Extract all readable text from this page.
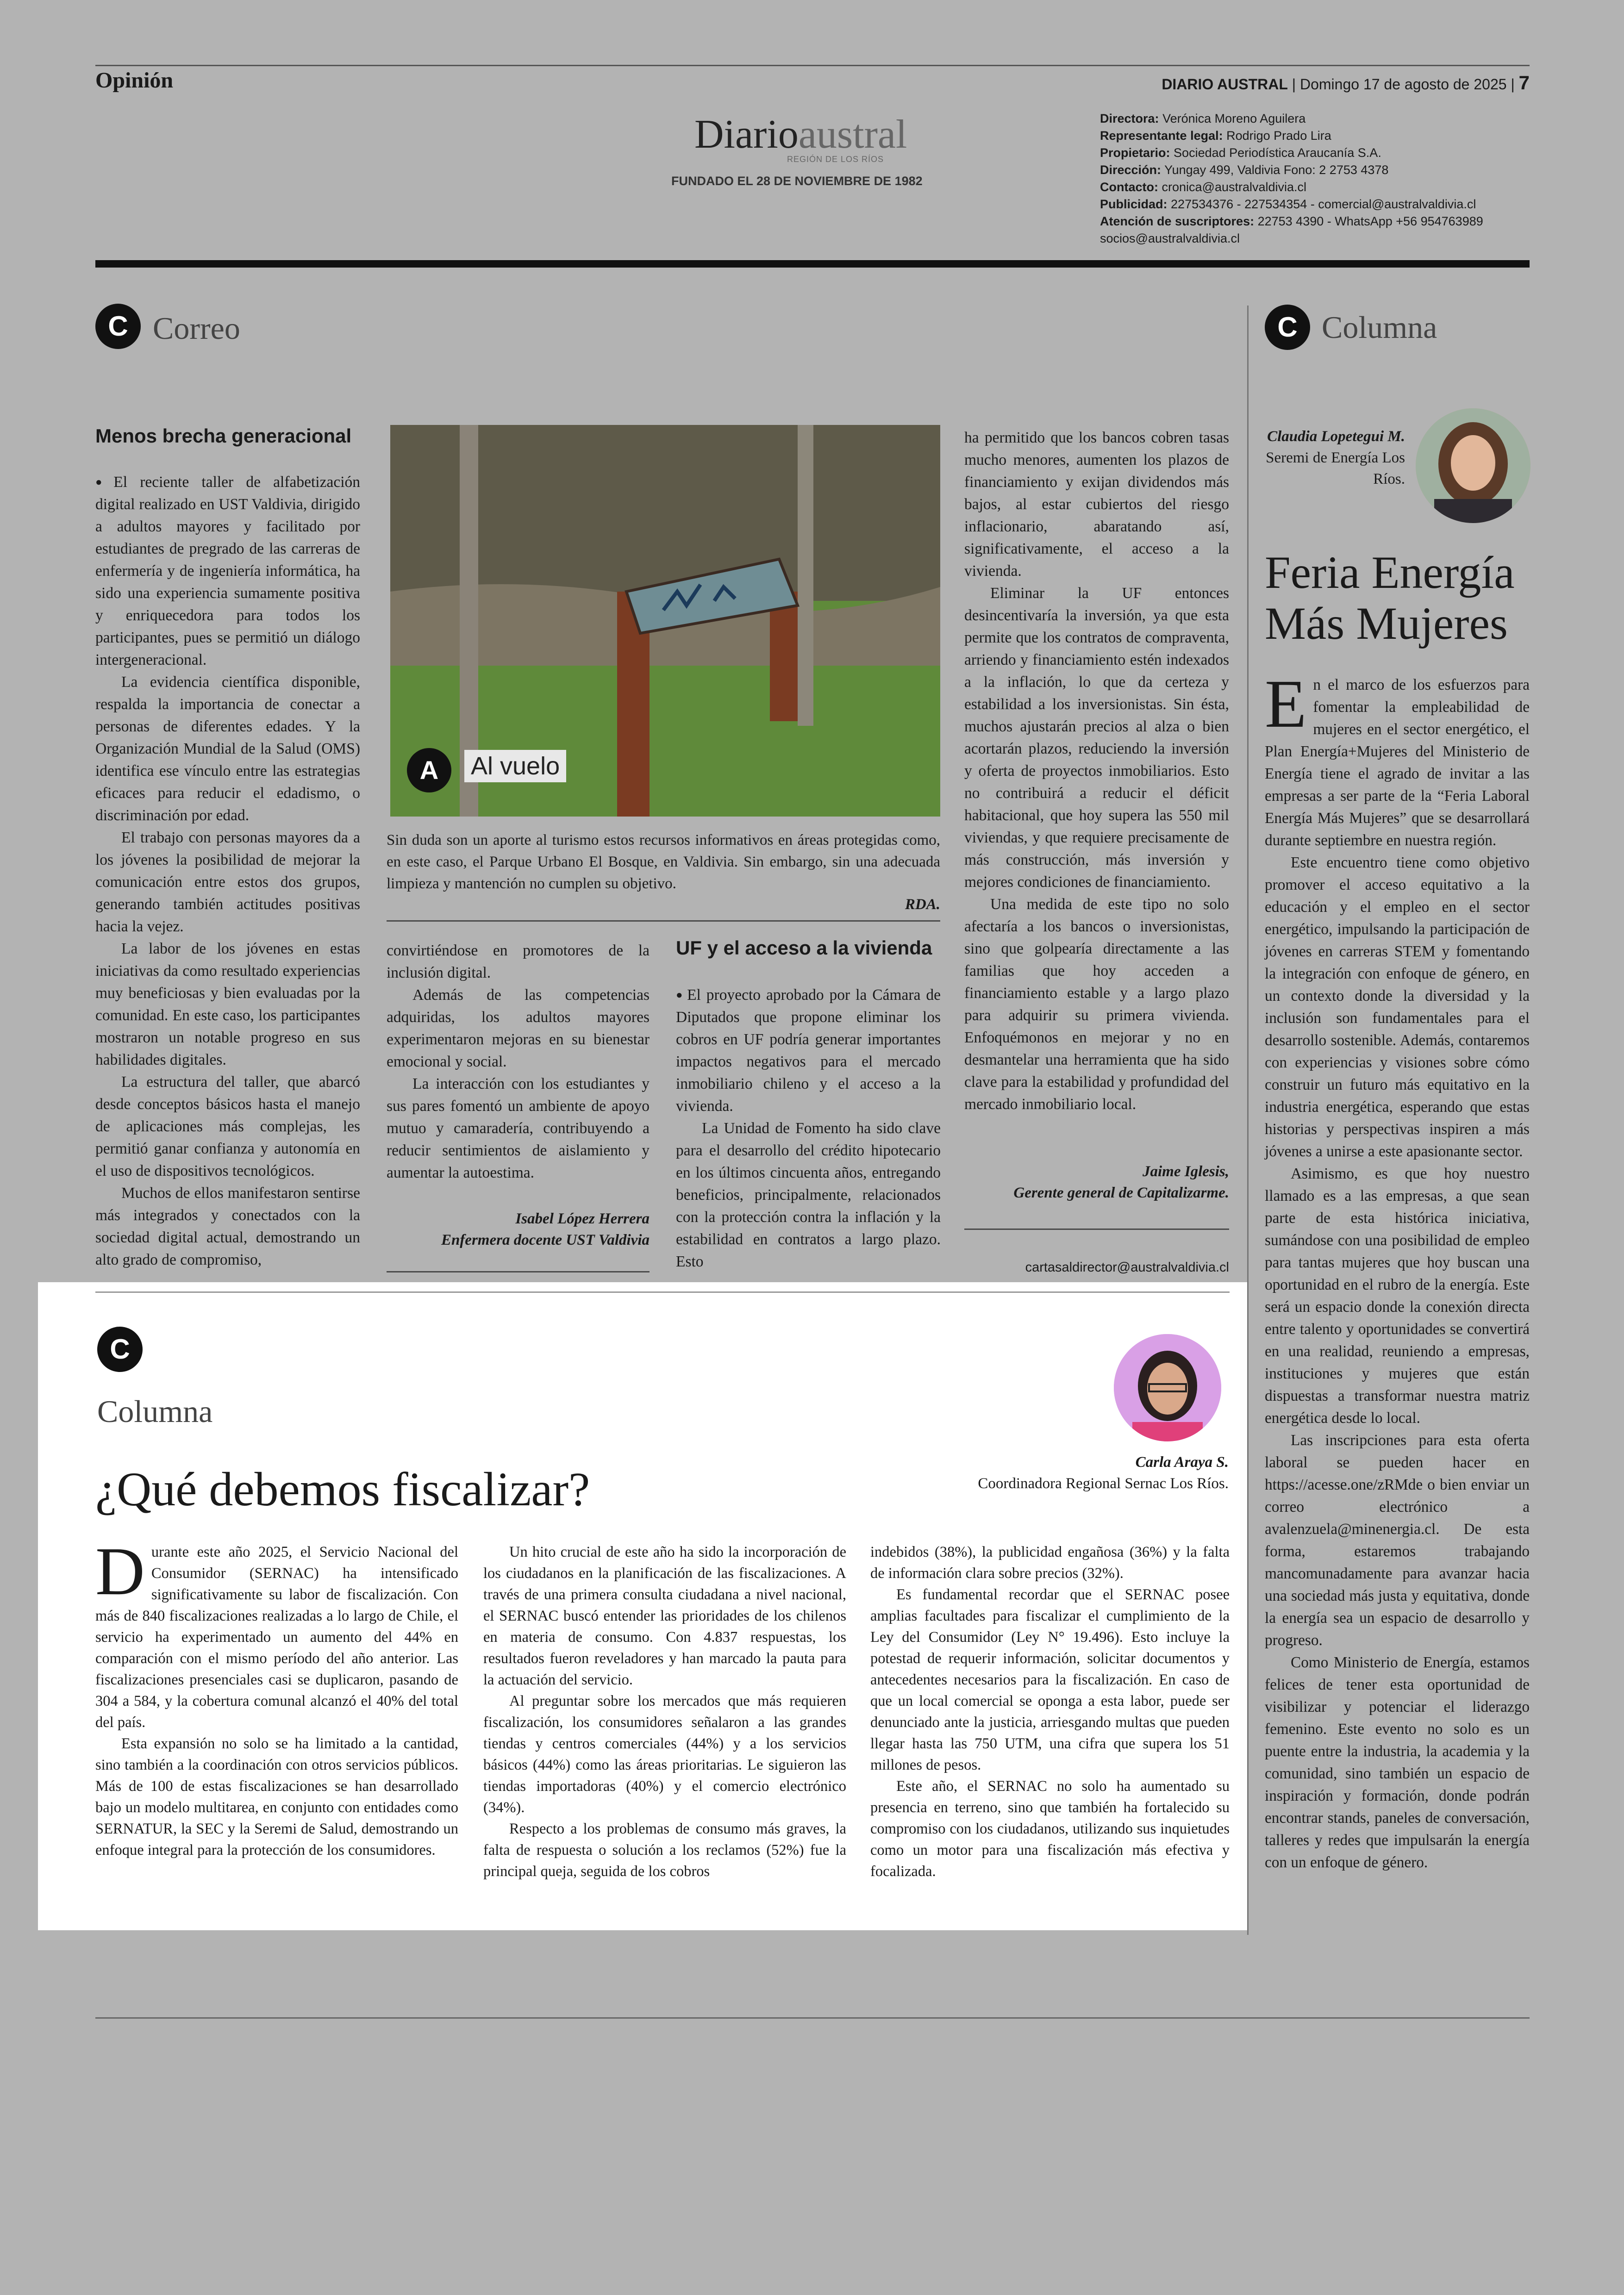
Opinión	DIARIO AUSTRAL | Domingo 17 de agosto de 2025 | 7
Diarioaustral
REGIÓN DE LOS RÍOS
FUNDADO EL 28 DE NOVIEMBRE DE 1982
Directora: Verónica Moreno Aguilera
Representante legal: Rodrigo Prado Lira
Propietario: Sociedad Periodística Araucanía S.A.
Dirección: Yungay 499, Valdivia Fono: 2 2753 4378
Contacto: cronica@australvaldivia.cl
Publicidad: 227534376 - 227534354 - comercial@australvaldivia.cl
Atención de suscriptores: 22753 4390 - WhatsApp +56 954763989
socios@australvaldivia.cl
C Correo
Menos brecha generacional

● El reciente taller de alfabetización digital realizado en UST Valdivia, dirigido a adultos mayores y facilitado por estudiantes de pregrado de las carreras de enfermería y de ingeniería informática, ha sido una experiencia sumamente positiva y enriquecedora para todos los participantes, pues se permitió un diálogo intergeneracional.

La evidencia científica disponible, respalda la importancia de conectar a personas de diferentes edades. Y la Organización Mundial de la Salud (OMS) identifica ese vínculo entre las estrategias eficaces para reducir el edadismo, o discriminación por edad.

El trabajo con personas mayores da a los jóvenes la posibilidad de mejorar la comunicación entre estos dos grupos, generando también actitudes positivas hacia la vejez.

La labor de los jóvenes en estas iniciativas da como resultado experiencias muy beneficiosas y bien evaluadas por la comunidad. En este caso, los participantes mostraron un notable progreso en sus habilidades digitales.

La estructura del taller, que abarcó desde conceptos básicos hasta el manejo de aplicaciones más complejas, les permitió ganar confianza y autonomía en el uso de dispositivos tecnológicos.

Muchos de ellos manifestaron sentirse más integrados y conectados con la sociedad digital actual, demostrando un alto grado de compromiso,

A	Al vuelo

Sin duda son un aporte al turismo estos recursos informativos en áreas protegidas como, en este caso, el Parque Urbano El Bosque, en Valdivia. Sin embargo, sin una adecuada limpieza y mantención no cumplen su objetivo.

RDA.

convirtiéndose en promotores de la inclusión digital.

Además de las competencias adquiridas, los adultos mayores experimentaron mejoras en su bienestar emocional y social.

La interacción con los estudiantes y sus pares fomentó un ambiente de apoyo mutuo y camaradería, contribuyendo a reducir sentimientos de aislamiento y aumentar la autoestima.

Isabel López Herrera
Enfermera docente UST Valdivia
UF y el acceso a la vivienda

● El proyecto aprobado por la Cámara de Diputados que propone eliminar los cobros en UF podría generar importantes impactos negativos para el mercado inmobiliario chileno y el acceso a la vivienda.

La Unidad de Fomento ha sido clave para el desarrollo del crédito hipotecario en los últimos cincuenta años, entregando beneficios, principalmente, relacionados con la protección contra la inflación y la estabilidad en contratos a largo plazo. Esto

ha permitido que los bancos cobren tasas mucho menores, aumenten los plazos de financiamiento y exijan dividendos más bajos, al estar cubiertos del riesgo inflacionario, abaratando así, significativamente, el acceso a la vivienda.

Eliminar la UF entonces desincentivaría la inversión, ya que esta permite que los contratos de compraventa, arriendo y financiamiento estén indexados a la inflación, lo que da certeza y estabilidad a los inversionistas. Sin ésta, muchos ajustarán precios al alza o bien acortarán plazos, reduciendo la inversión y oferta de proyectos inmobiliarios. Esto no contribuirá a reducir el déficit habitacional, que hoy supera las 550 mil viviendas, y que requiere precisamente de más construcción, más inversión y mejores condiciones de financiamiento.

Una medida de este tipo no solo afectaría a los bancos o inversionistas, sino que golpearía directamente a las familias que hoy acceden a financiamiento estable y a largo plazo para adquirir su primera vivienda. Enfoquémonos en mejorar y no en desmantelar una herramienta que ha sido clave para la estabilidad y profundidad del mercado inmobiliario local.

Jaime Iglesis,
Gerente general de Capitalizarme.
cartasaldirector@australvaldivia.cl
C Columna
Claudia Lopetegui M.
Seremi de Energía Los Ríos.
Feria Energía Más Mujeres

En el marco de los esfuerzos para fomentar la empleabilidad de mujeres en el sector energético, el Plan Energía+Mujeres del Ministerio de Energía tiene el agrado de invitar a las empresas a ser parte de la “Feria Laboral Energía Más Mujeres” que se desarrollará durante septiembre en nuestra región.

Este encuentro tiene como objetivo promover el acceso equitativo a la educación y el empleo en el sector energético, impulsando la participación de jóvenes en carreras STEM y fomentando la integración con enfoque de género, en un contexto donde la diversidad y la inclusión son fundamentales para el desarrollo sostenible. Además, contaremos con experiencias y visiones sobre cómo construir un futuro más equitativo en la industria energética, esperando que estas historias y perspectivas inspiren a más jóvenes a unirse a este apasionante sector.

Asimismo, es que hoy nuestro llamado es a las empresas, a que sean parte de esta histórica iniciativa, sumándose con una posibilidad de empleo para tantas mujeres que hoy buscan una oportunidad en el rubro de la energía. Este será un espacio donde la conexión directa entre talento y oportunidades se convertirá en una realidad, reuniendo a empresas, instituciones y mujeres que están dispuestas a transformar nuestra matriz energética desde lo local.

Las inscripciones para esta oferta laboral se pueden hacer en https://acesse.one/zRMde o bien enviar un correo electrónico a avalenzuela@minenergia.cl. De esta forma, estaremos trabajando mancomunadamente para avanzar hacia una sociedad más justa y equitativa, donde la energía sea un espacio de desarrollo y progreso.

Como Ministerio de Energía, estamos felices de tener esta oportunidad de visibilizar y potenciar el liderazgo femenino. Este evento no solo es un puente entre la industria, la academia y la comunidad, sino también un espacio de inspiración y formación, donde podrán encontrar stands, paneles de conversación, talleres y redes que impulsarán la energía con un enfoque de género.

C
Columna
¿Qué debemos fiscalizar?
Carla Araya S.
Coordinadora Regional Sernac Los Ríos.

Durante este año 2025, el Servicio Nacional del Consumidor (SERNAC) ha intensificado significativamente su labor de fiscalización. Con más de 840 fiscalizaciones realizadas a lo largo de Chile, el servicio ha experimentado un aumento del 44% en comparación con el mismo período del año anterior. Las fiscalizaciones presenciales casi se duplicaron, pasando de 304 a 584, y la cobertura comunal alcanzó el 40% del total del país.

Esta expansión no solo se ha limitado a la cantidad, sino también a la coordinación con otros servicios públicos. Más de 100 de estas fiscalizaciones se han desarrollado bajo un modelo multitarea, en conjunto con entidades como SERNATUR, la SEC y la Seremi de Salud, demostrando un enfoque integral para la protección de los consumidores.

Un hito crucial de este año ha sido la incorporación de los ciudadanos en la planificación de las fiscalizaciones. A través de una primera consulta ciudadana a nivel nacional, el SERNAC buscó entender las prioridades de los chilenos en materia de consumo. Con 4.837 respuestas, los resultados fueron reveladores y han marcado la pauta para la actuación del servicio.

Al preguntar sobre los mercados que más requieren fiscalización, los consumidores señalaron a las grandes tiendas y centros comerciales (44%) y a los servicios básicos (44%) como las áreas prioritarias. Le siguieron las tiendas importadoras (40%) y el comercio electrónico (34%).

Respecto a los problemas de consumo más graves, la falta de respuesta o solución a los reclamos (52%) fue la principal queja, seguida de los cobros

indebidos (38%), la publicidad engañosa (36%) y la falta de información clara sobre precios (32%).

Es fundamental recordar que el SERNAC posee amplias facultades para fiscalizar el cumplimiento de la Ley del Consumidor (Ley N° 19.496). Esto incluye la potestad de requerir información, solicitar documentos y antecedentes necesarios para la fiscalización. En caso de que un local comercial se oponga a esta labor, puede ser denunciado ante la justicia, arriesgando multas que pueden llegar hasta las 750 UTM, una cifra que supera los 51 millones de pesos.

Este año, el SERNAC no solo ha aumentado su presencia en terreno, sino que también ha fortalecido su compromiso con los ciudadanos, utilizando sus inquietudes como un motor para una fiscalización más efectiva y focalizada.
